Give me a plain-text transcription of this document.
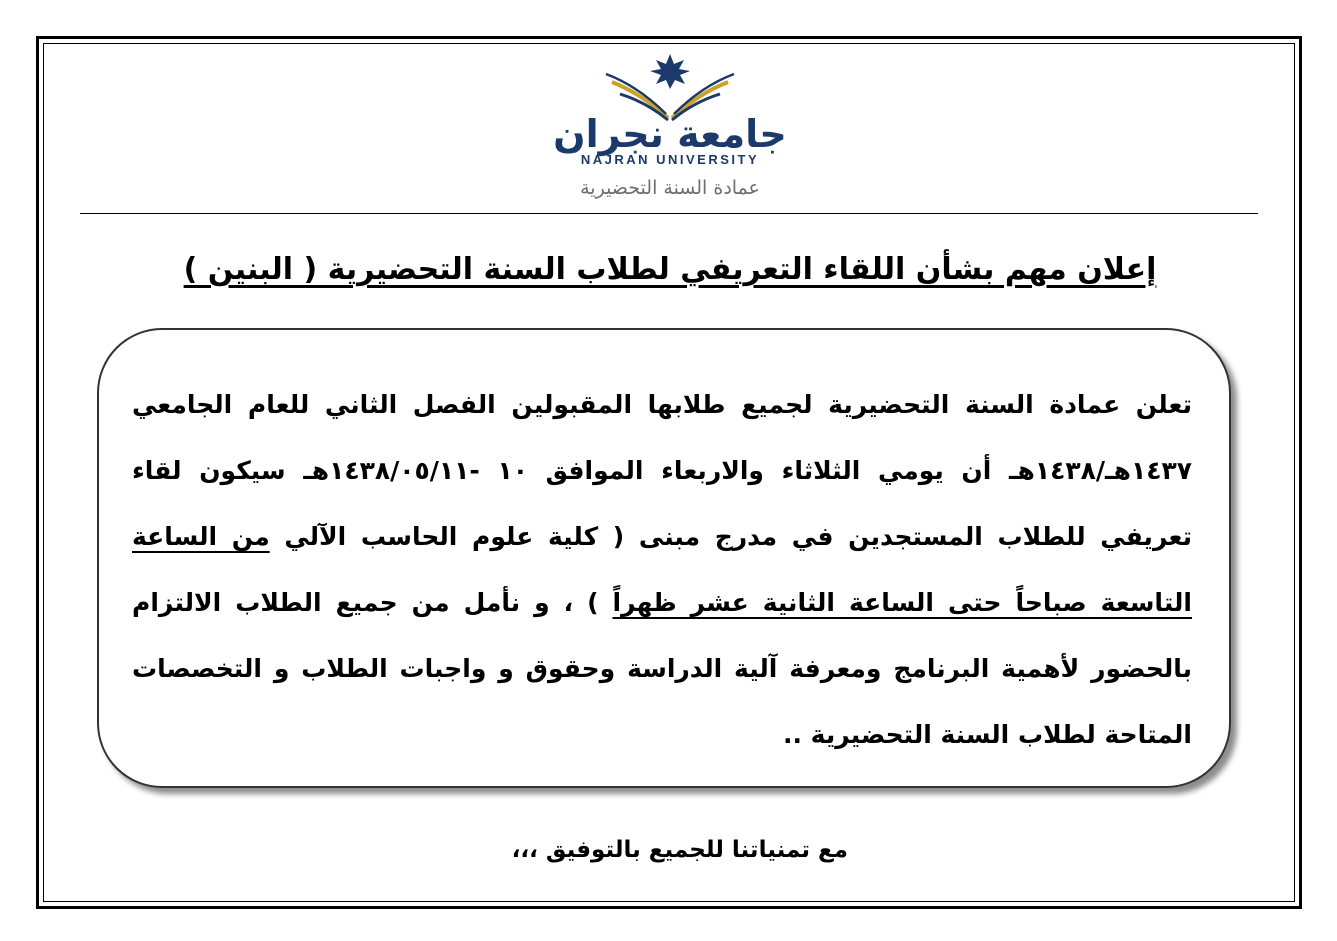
جامعة نجران
NAJRAN UNIVERSITY
عمادة السنة التحضيرية
إعلان مهم بشأن اللقاء التعريفي لطلاب السنة التحضيرية ( البنين )
تعلن عمادة السنة التحضيرية لجميع طلابها المقبولين الفصل الثاني للعام الجامعي ١٤٣٧هـ/١٤٣٨هـ أن يومي الثلاثاء والاربعاء الموافق ١٠ -١٤٣٨/٠٥/١١هـ سيكون لقاء تعريفي للطلاب المستجدين في مدرج مبنى ( كلية علوم الحاسب الآلي من الساعة التاسعة صباحاً حتى الساعة الثانية عشر ظهراً ) ، و نأمل من جميع الطلاب الالتزام بالحضور لأهمية البرنامج ومعرفة آلية الدراسة وحقوق و واجبات الطلاب و التخصصات المتاحة لطلاب السنة التحضيرية ..
مع تمنياتنا للجميع بالتوفيق ،،،
